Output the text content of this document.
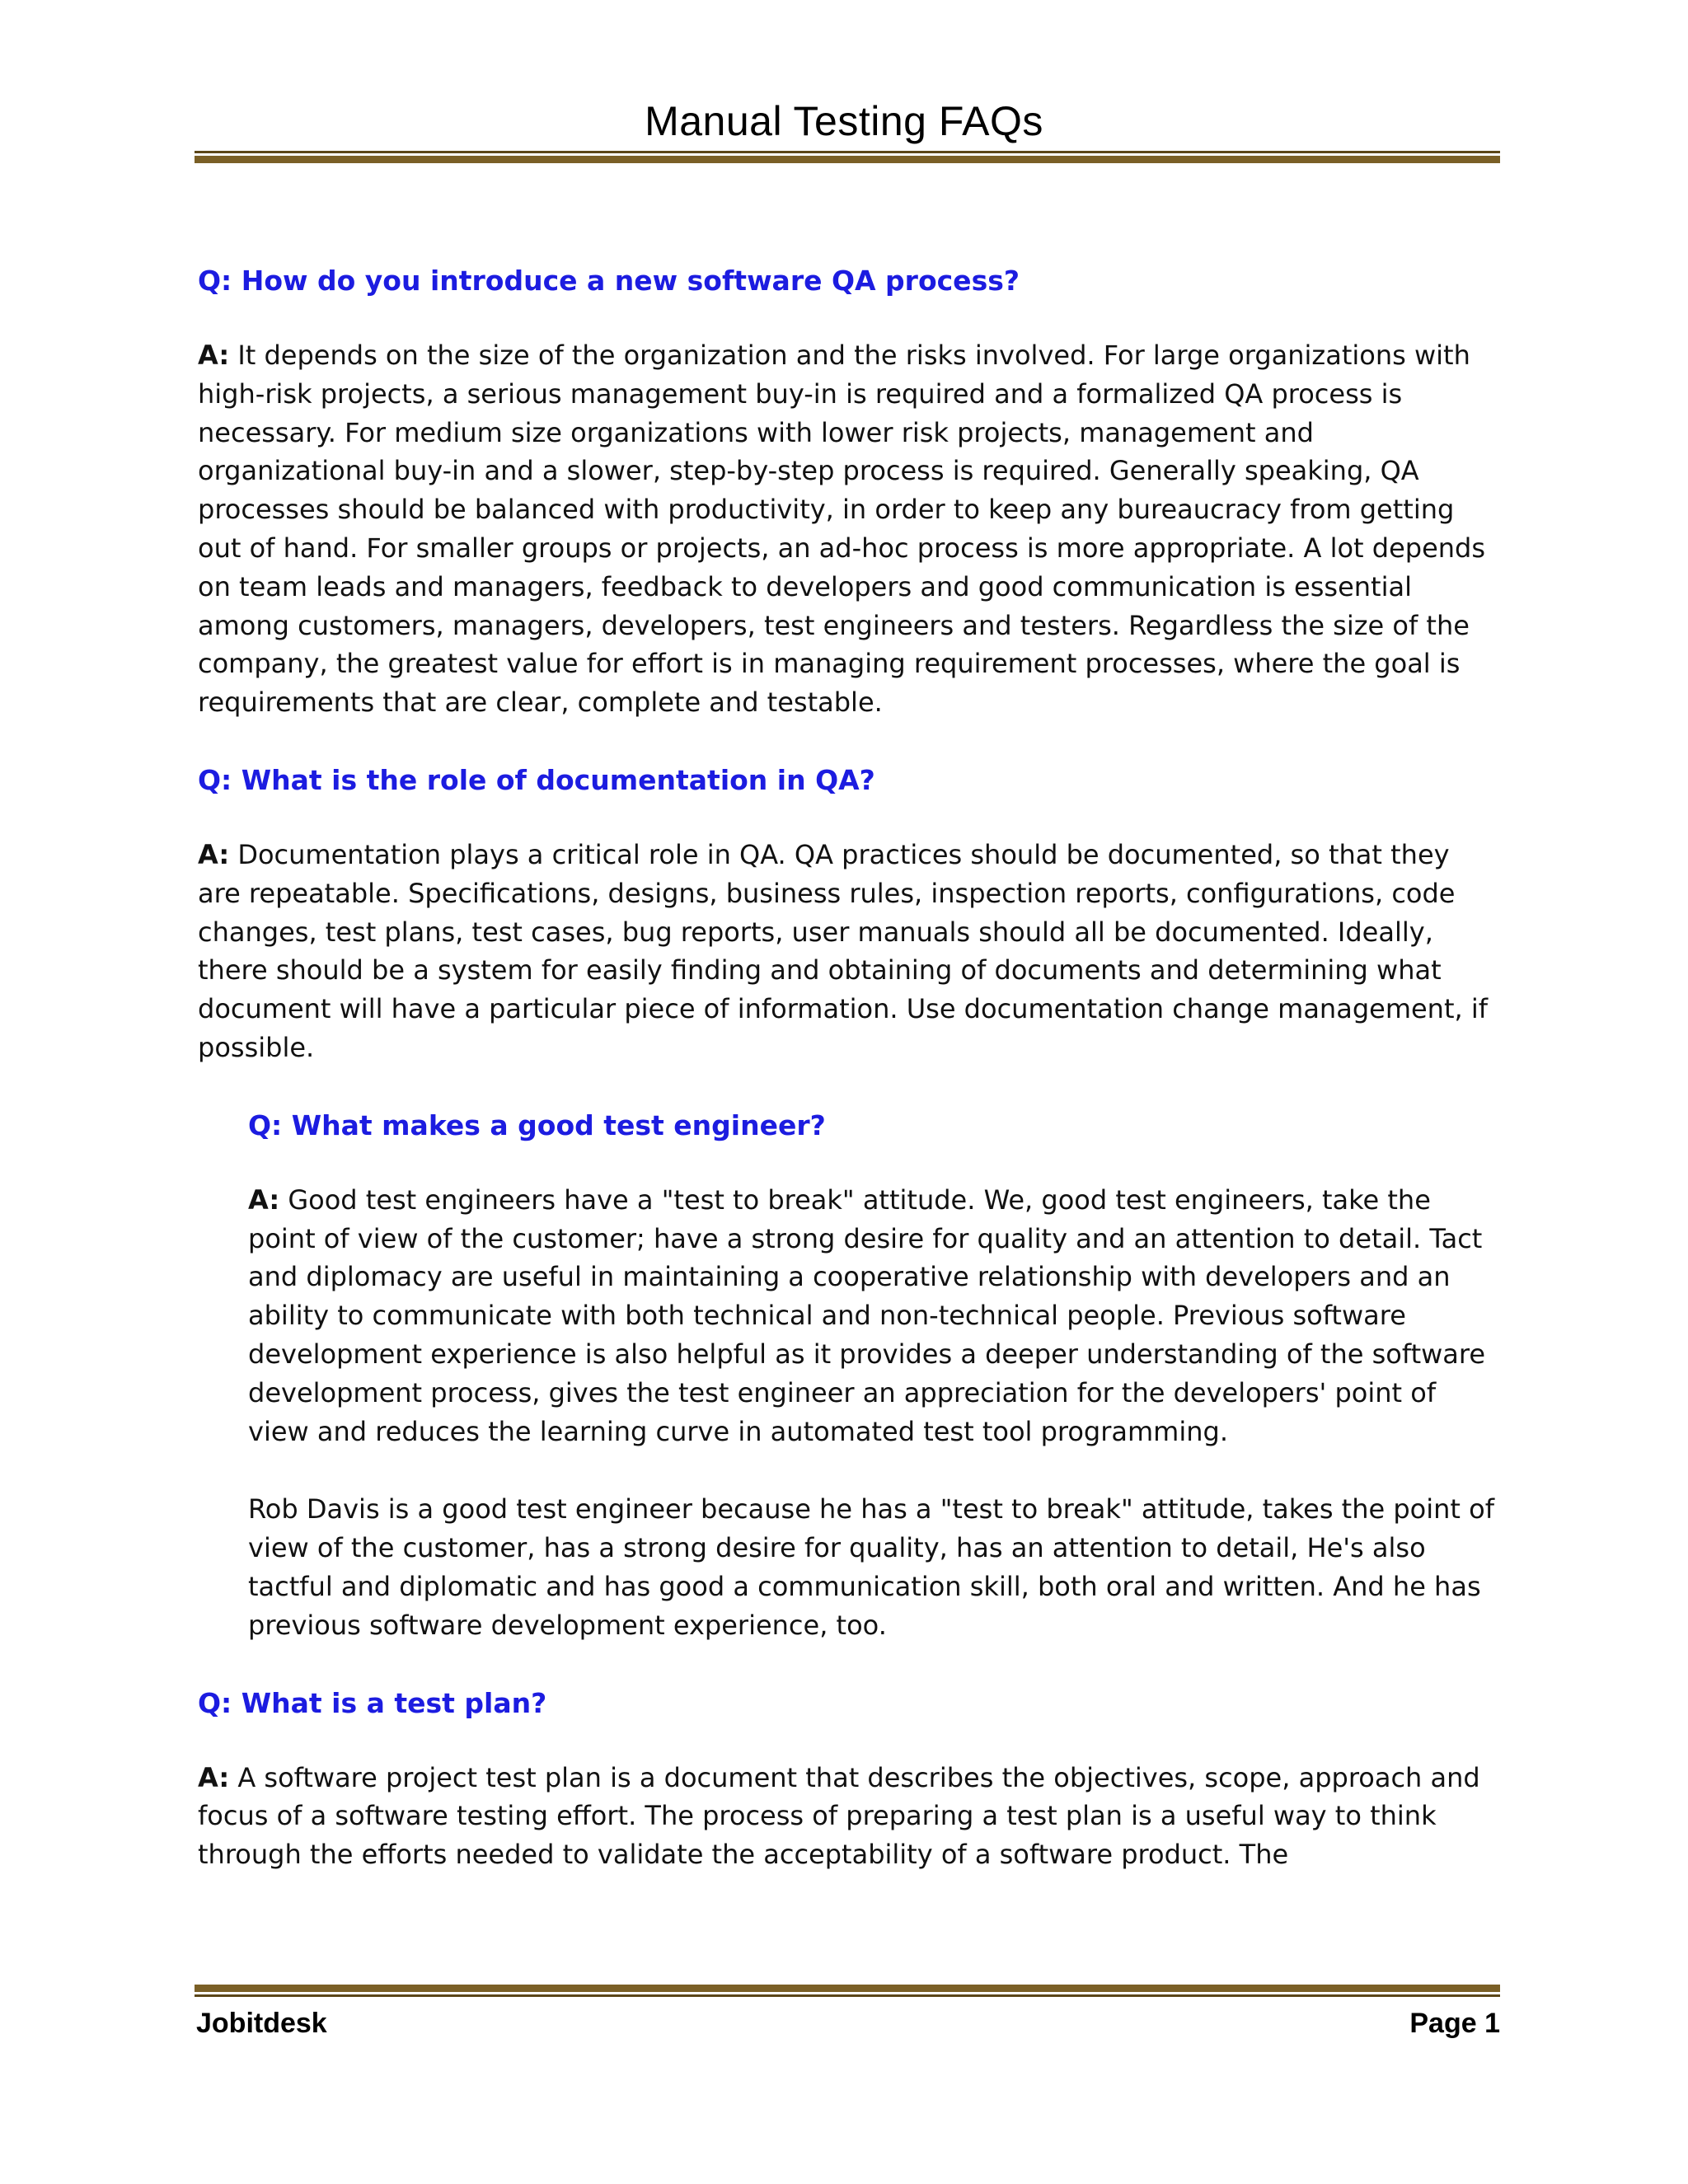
Manual Testing FAQs
Q: How do you introduce a new software QA process?
A: It depends on the size of the organization and the risks involved. For large organizations with high-risk projects, a serious management buy-in is required and a formalized QA process is necessary. For medium size organizations with lower risk projects, management and organizational buy-in and a slower, step-by-step process is required. Generally speaking, QA processes should be balanced with productivity, in order to keep any bureaucracy from getting out of hand. For smaller groups or projects, an ad-hoc process is more appropriate. A lot depends on team leads and managers, feedback to developers and good communication is essential among customers, managers, developers, test engineers and testers. Regardless the size of the company, the greatest value for effort is in managing requirement processes, where the goal is requirements that are clear, complete and testable.
Q: What is the role of documentation in QA?
A: Documentation plays a critical role in QA. QA practices should be documented, so that they are repeatable. Specifications, designs, business rules, inspection reports, configurations, code changes, test plans, test cases, bug reports, user manuals should all be documented. Ideally, there should be a system for easily finding and obtaining of documents and determining what document will have a particular piece of information. Use documentation change management, if possible.
Q: What makes a good test engineer?
A: Good test engineers have a "test to break" attitude. We, good test engineers, take the point of view of the customer; have a strong desire for quality and an attention to detail. Tact and diplomacy are useful in maintaining a cooperative relationship with developers and an ability to communicate with both technical and non-technical people. Previous software development experience is also helpful as it provides a deeper understanding of the software development process, gives the test engineer an appreciation for the developers' point of view and reduces the learning curve in automated test tool programming.
Rob Davis is a good test engineer because he has a "test to break" attitude, takes the point of view of the customer, has a strong desire for quality, has an attention to detail, He's also tactful and diplomatic and has good a communication skill, both oral and written. And he has previous software development experience, too.
Q: What is a test plan?
A: A software project test plan is a document that describes the objectives, scope, approach and focus of a software testing effort. The process of preparing a test plan is a useful way to think through the efforts needed to validate the acceptability of a software product. The
Jobitdesk	Page 1
